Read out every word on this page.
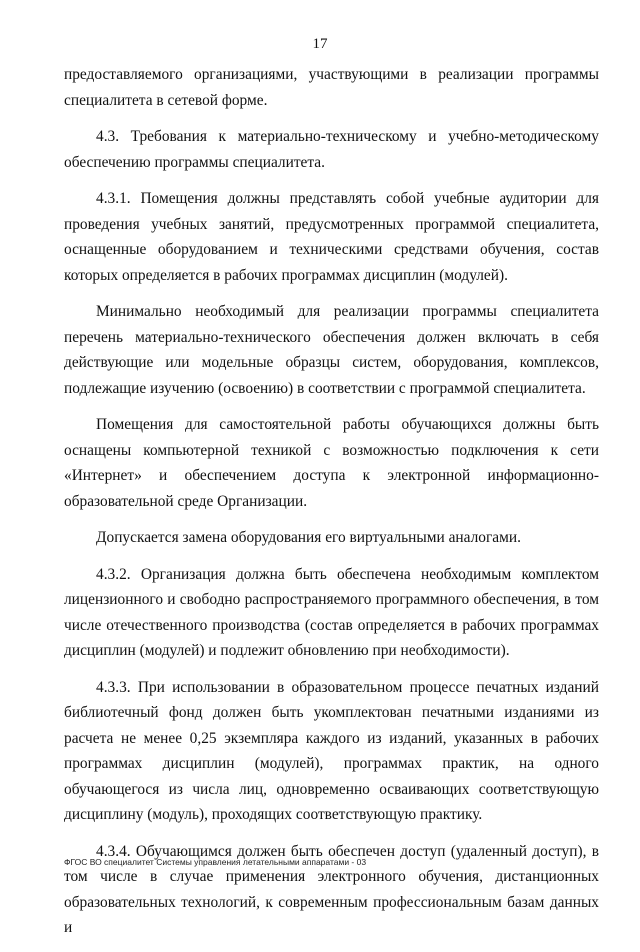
17

предоставляемого организациями, участвующими в реализации программы специалитета в сетевой форме.

4.3. Требования к материально-техническому и учебно-методическому обеспечению программы специалитета.

4.3.1. Помещения должны представлять собой учебные аудитории для проведения учебных занятий, предусмотренных программой специалитета, оснащенные оборудованием и техническими средствами обучения, состав которых определяется в рабочих программах дисциплин (модулей).

Минимально необходимый для реализации программы специалитета перечень материально-технического обеспечения должен включать в себя действующие или модельные образцы систем, оборудования, комплексов, подлежащие изучению (освоению) в соответствии с программой специалитета.

Помещения для самостоятельной работы обучающихся должны быть оснащены компьютерной техникой с возможностью подключения к сети «Интернет» и обеспечением доступа к электронной информационно-образовательной среде Организации.

Допускается замена оборудования его виртуальными аналогами.

4.3.2. Организация должна быть обеспечена необходимым комплектом лицензионного и свободно распространяемого программного обеспечения, в том числе отечественного производства (состав определяется в рабочих программах дисциплин (модулей) и подлежит обновлению при необходимости).

4.3.3. При использовании в образовательном процессе печатных изданий библиотечный фонд должен быть укомплектован печатными изданиями из расчета не менее 0,25 экземпляра каждого из изданий, указанных в рабочих программах дисциплин (модулей), программах практик, на одного обучающегося из числа лиц, одновременно осваивающих соответствующую дисциплину (модуль), проходящих соответствующую практику.

4.3.4. Обучающимся должен быть обеспечен доступ (удаленный доступ), в том числе в случае применения электронного обучения, дистанционных образовательных технологий, к современным профессиональным базам данных и

ФГОС ВО специалитет Системы управления летательными аппаратами - 03
